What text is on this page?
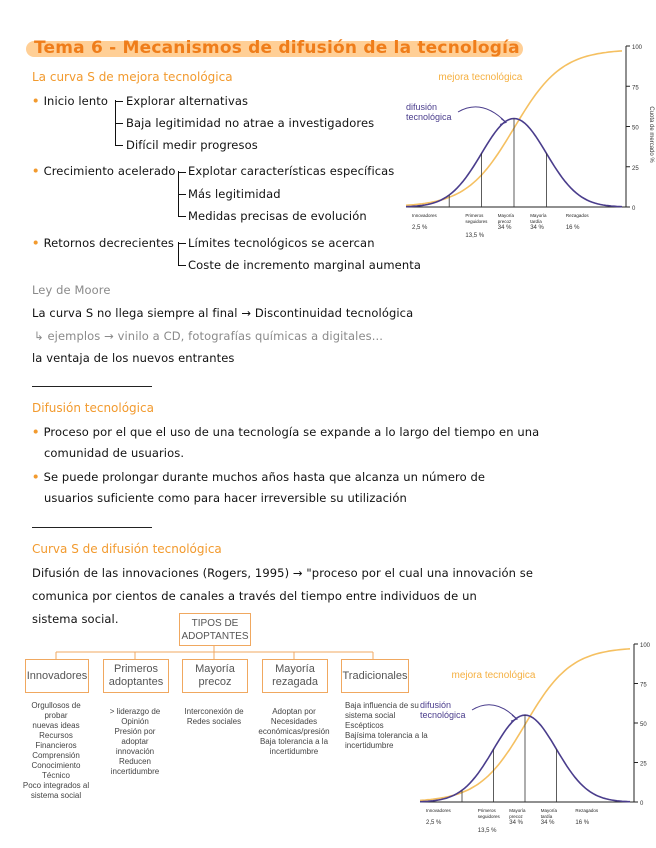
Tema 6 - Mecanismos de difusión de la tecnología
La curva S de mejora tecnológica
• Inicio lento Explorar alternativas
Baja legitimidad no atrae a investigadores
Difícil medir progresos
• Crecimiento acelerado Explotar características específicas
Más legitimidad
Medidas precisas de evolución
• Retornos decrecientes Límites tecnológicos se acercan
Coste de incremento marginal aumenta
Ley de Moore
La curva S no llega siempre al final → Discontinuidad tecnológica
↳ ejemplos → vinilo a CD, fotografías químicas a digitales...
la ventaja de los nuevos entrantes
Difusión tecnológica
• Proceso por el que el uso de una tecnología se expande a lo largo del tiempo en una
comunidad de usuarios.
• Se puede prolongar durante muchos años hasta que alcanza un número de
usuarios suficiente como para hacer irreversible su utilización
Curva S de difusión tecnológica
Difusión de las innovaciones (Rogers, 1995) → "proceso por el cual una innovación se
comunica por cientos de canales a través del tiempo entre individuos de un
sistema social.	TIPOS DE ADOPTANTES
Innovadores
Primeros adoptantes
Mayoría precoz
Mayoría rezagada
Tradicionales
Orgullosos de
probar
nuevas ideas
Recursos
Financieros
Comprensión
Conocimiento
Técnico
Poco integrados al
sistema social
> liderazgo de
Opinión
Presión por
adoptar
innovación
Reducen
incertidumbre
Interconexión de
Redes sociales
Adoptan por
Necesidades
económicas/presión
Baja tolerancia a la
incertidumbre
Baja influencia de su
sistema social
Escépticos
Bajísima tolerancia a la
incertidumbre
100
75
50
25
0
Cuota de mercado %
Innovadores
2,5 %
Primeros
seguidores
13,5 %
Mayoría
precoz
34 %
Mayoría
tardía
34 %
Rezagados
16 %
mejora tecnológica
difusión
tecnológica
100
75
50
25
0
Innovadores
2,5 %
Primeros
seguidores
13,5 %
Mayoría
precoz
34 %
Mayoría
tardía
34 %
Rezagados
16 %
mejora tecnológica
difusión
tecnológica
